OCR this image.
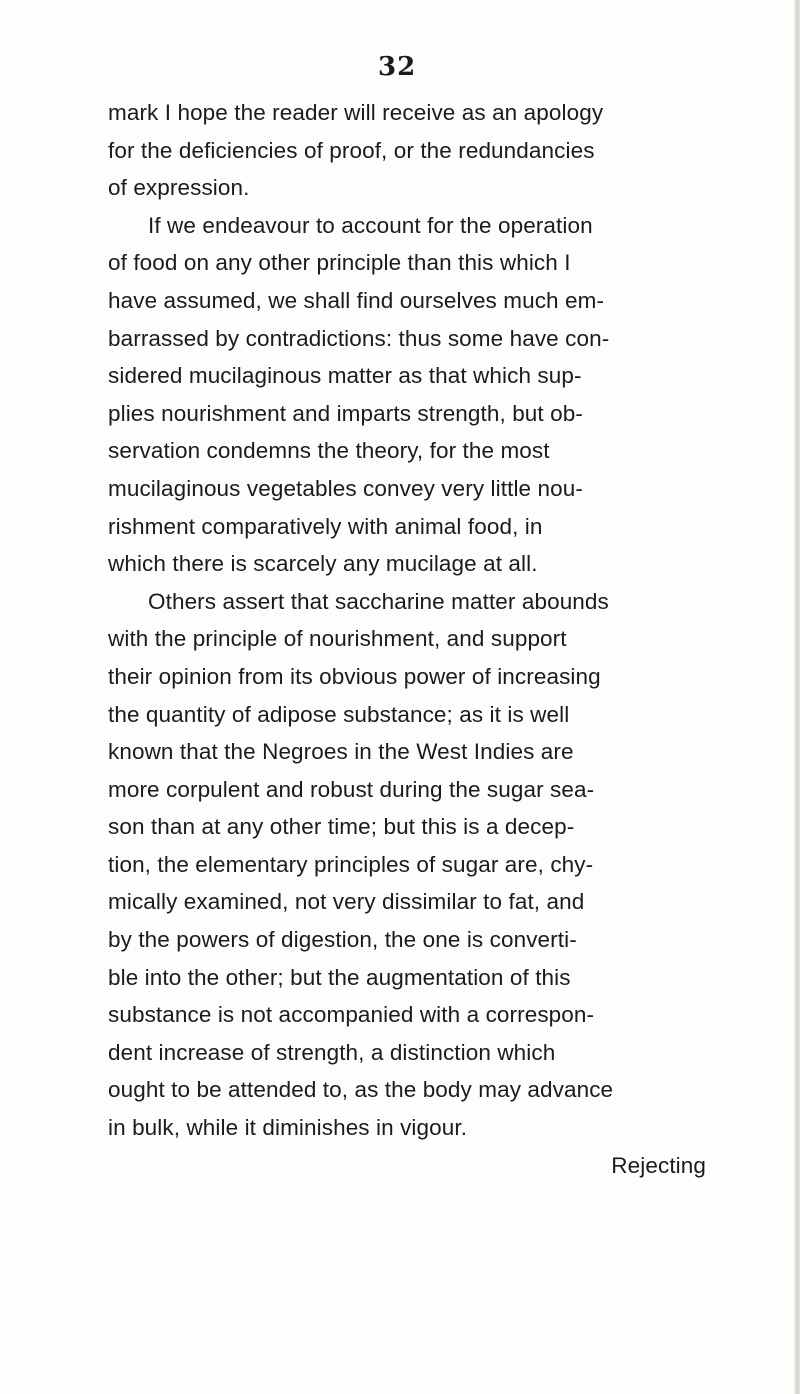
32
mark I hope the reader will receive as an apology
for the deficiencies of proof, or the redundancies
of expression.
If we endeavour to account for the operation
of food on any other principle than this which I
have assumed, we shall find ourselves much em-
barrassed by contradictions: thus some have con-
sidered mucilaginous matter as that which sup-
plies nourishment and imparts strength, but ob-
servation condemns the theory, for the most
mucilaginous vegetables convey very little nou-
rishment comparatively with animal food, in
which there is scarcely any mucilage at all.
Others assert that saccharine matter abounds
with the principle of nourishment, and support
their opinion from its obvious power of increasing
the quantity of adipose substance; as it is well
known that the Negroes in the West Indies are
more corpulent and robust during the sugar sea-
son than at any other time; but this is a decep-
tion, the elementary principles of sugar are, chy-
mically examined, not very dissimilar to fat, and
by the powers of digestion, the one is converti-
ble into the other; but the augmentation of this
substance is not accompanied with a correspon-
dent increase of strength, a distinction which
ought to be attended to, as the body may advance
in bulk, while it diminishes in vigour.
Rejecting
